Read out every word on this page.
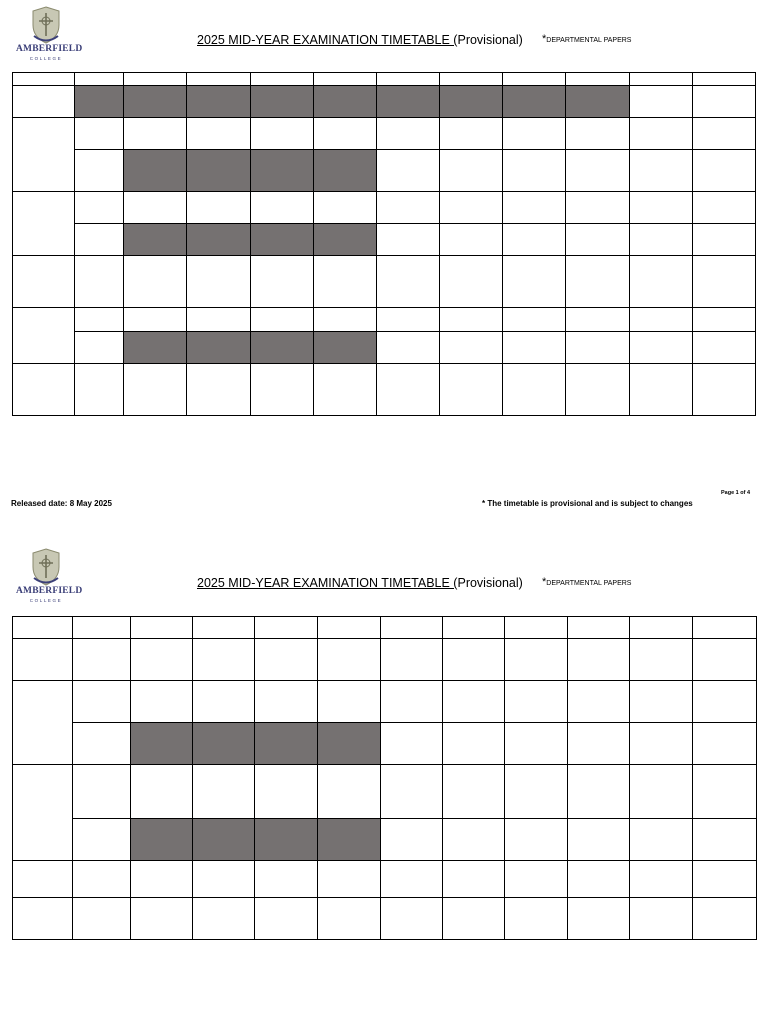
AMBERFIELD
COLLEGE
2025 MID-YEAR EXAMINATION TIMETABLE (Provisional) *DEPARTMENTAL PAPERS

Page 1 of 4
Released date: 8 May 2025	* The timetable is provisional and is subject to changes
AMBERFIELD
COLLEGE
2025 MID-YEAR EXAMINATION TIMETABLE (Provisional) *DEPARTMENTAL PAPERS
